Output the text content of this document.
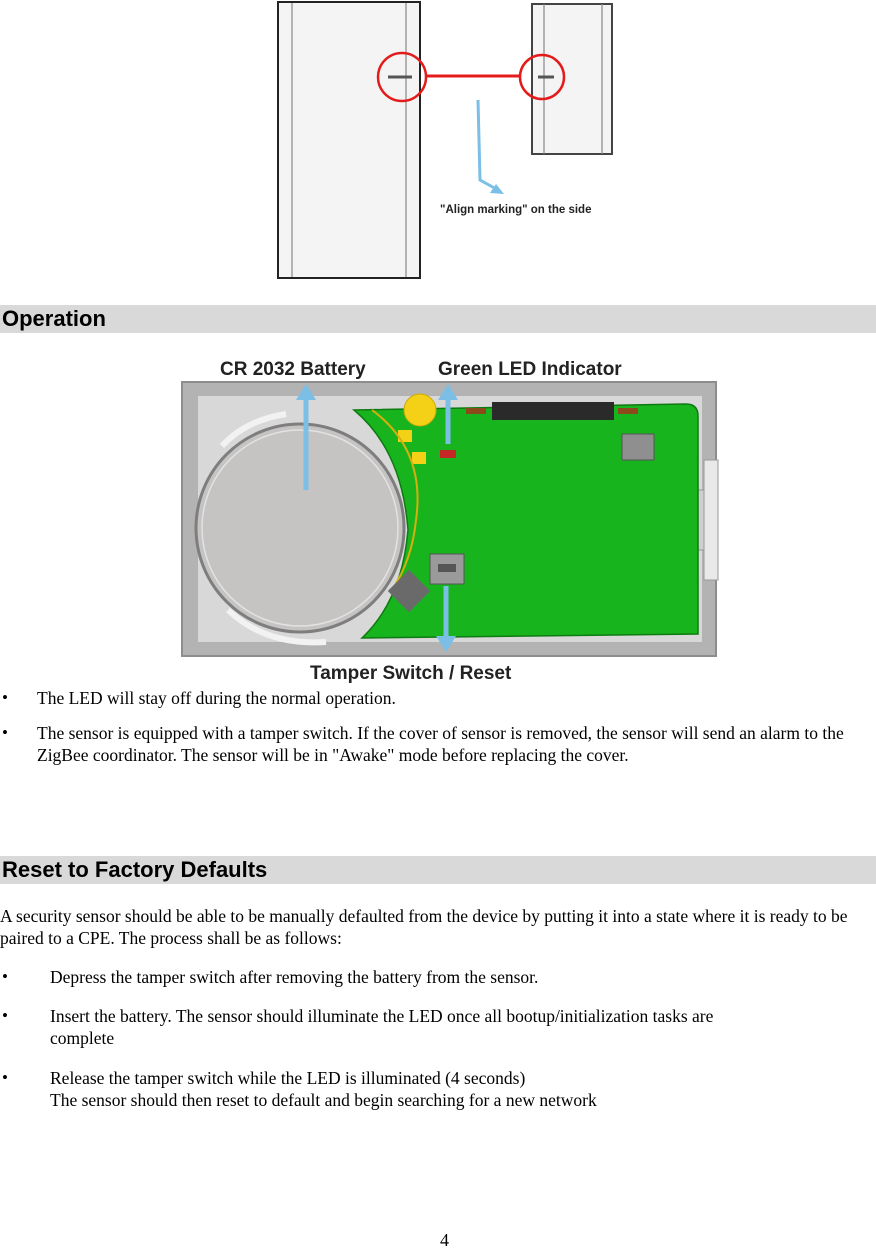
"Align marking" on the side
Operation
CR 2032 Battery	Green LED Indicator
Tamper Switch / Reset
• The LED will stay off during the normal operation.
• The sensor is equipped with a tamper switch. If the cover of sensor is removed, the sensor will send an alarm to the ZigBee coordinator. The sensor will be in "Awake" mode before replacing the cover.
Reset to Factory Defaults
A security sensor should be able to be manually defaulted from the device by putting it into a state where it is ready to be paired to a CPE. The process shall be as follows:
• Depress the tamper switch after removing the battery from the sensor.
• Insert the battery. The sensor should illuminate the LED once all bootup/initialization tasks are
complete
• Release the tamper switch while the LED is illuminated (4 seconds)
The sensor should then reset to default and begin searching for a new network
4
